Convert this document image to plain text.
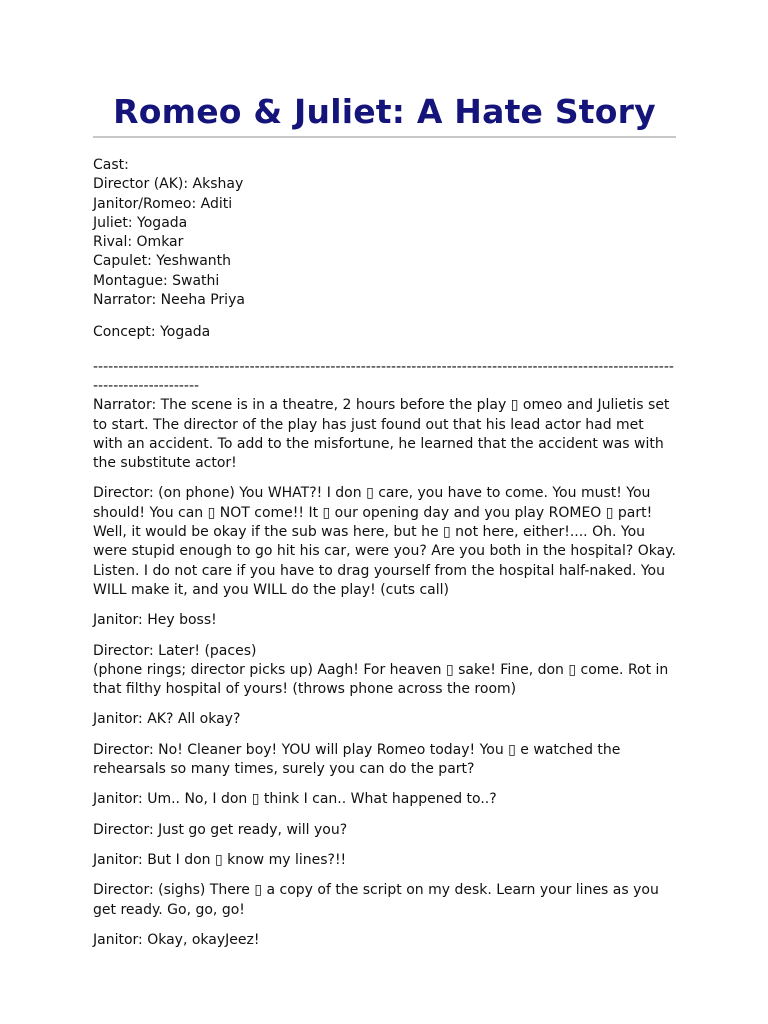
Romeo & Juliet: A Hate Story
Cast:
Director (AK): Akshay
Janitor/Romeo: Aditi
Juliet: Yogada
Rival: Omkar
Capulet: Yeshwanth
Montague: Swathi
Narrator: Neeha Priya
Concept: Yogada
----------------------------------------------------------------------------------------------------------------------------------------
Narrator: The scene is in a theatre, 2 hours before the play ▯ omeo and Julietis set to start. The director of the play has just found out that his lead actor had met with an accident. To add to the misfortune, he learned that the accident was with the substitute actor!
Director: (on phone) You WHAT?! I don ▯ care, you have to come. You must! You should! You can ▯ NOT come!! It ▯ our opening day and you play ROMEO ▯ part! Well, it would be okay if the sub was here, but he ▯ not here, either!.... Oh. You were stupid enough to go hit his car, were you? Are you both in the hospital? Okay. Listen. I do not care if you have to drag yourself from the hospital half-naked. You WILL make it, and you WILL do the play! (cuts call)
Janitor: Hey boss!
Director: Later! (paces)
(phone rings; director picks up) Aagh! For heaven ▯ sake! Fine, don ▯ come. Rot in that filthy hospital of yours! (throws phone across the room)
Janitor: AK? All okay?
Director: No! Cleaner boy! YOU will play Romeo today! You ▯ e watched the rehearsals so many times, surely you can do the part?
Janitor: Um.. No, I don ▯ think I can.. What happened to..?
Director: Just go get ready, will you?
Janitor: But I don ▯ know my lines?!!
Director: (sighs) There ▯ a copy of the script on my desk. Learn your lines as you get ready. Go, go, go!
Janitor: Okay, okayJeez!
